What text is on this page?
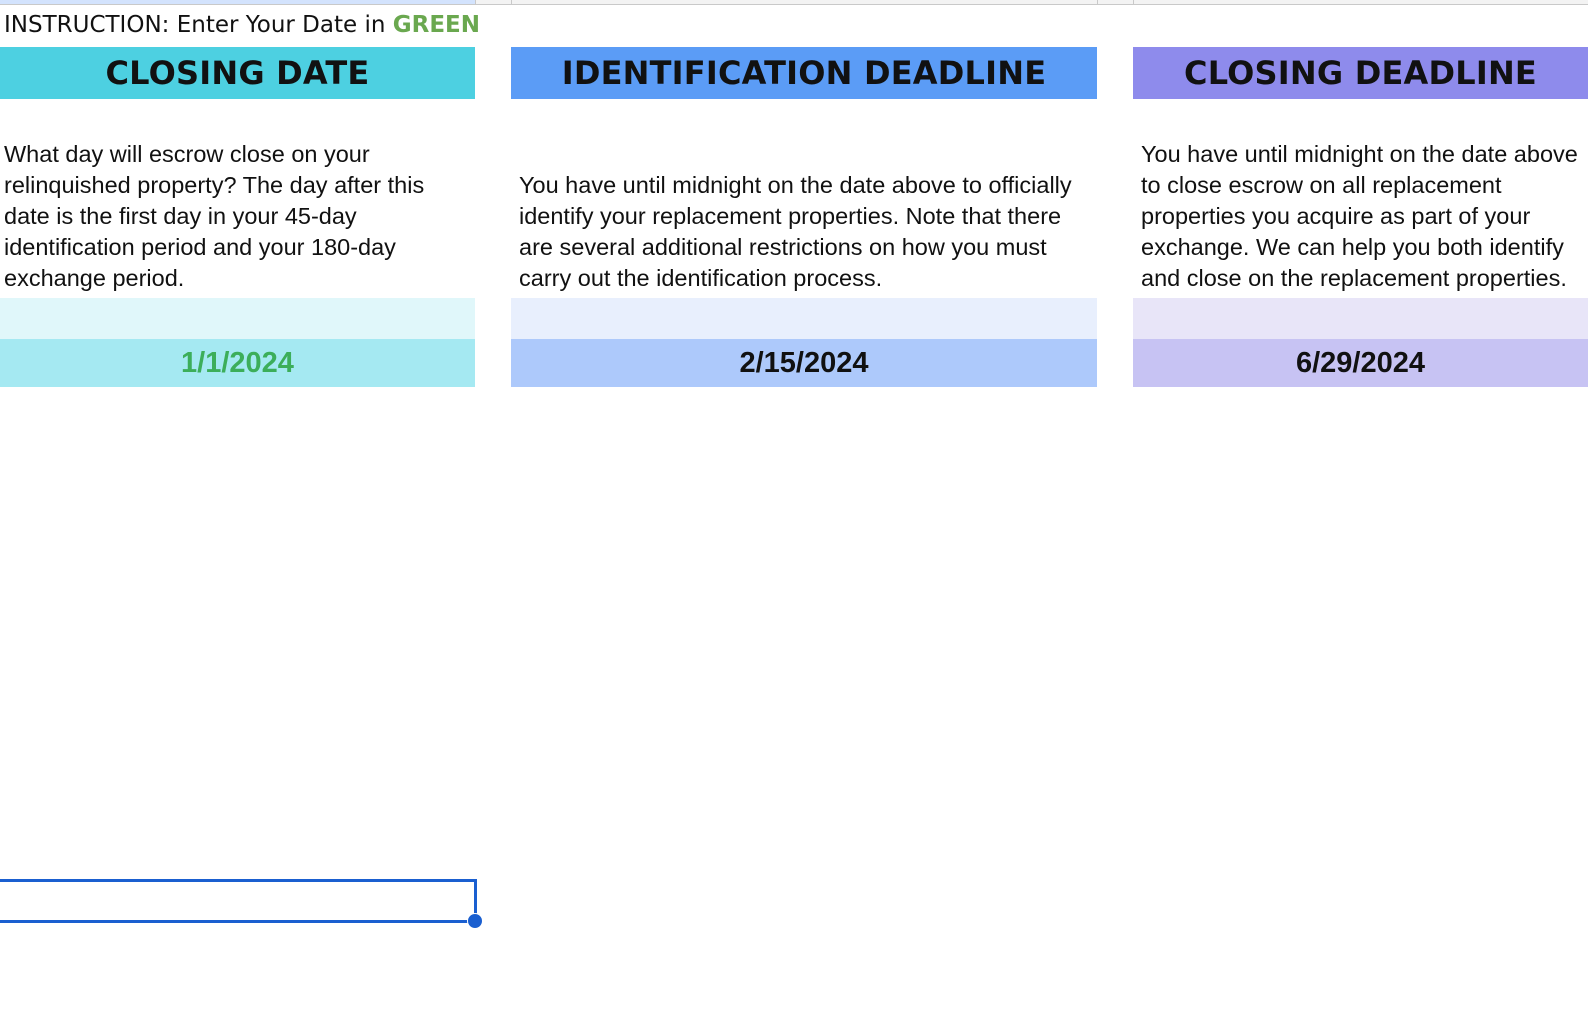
INSTRUCTION: Enter Your Date in GREEN
CLOSING DATE
What day will escrow close on your relinquished property? The day after this date is the first day in your 45-day identification period and your 180-day exchange period.
1/1/2024
IDENTIFICATION DEADLINE
You have until midnight on the date above to officially identify your replacement properties. Note that there are several additional restrictions on how you must carry out the identification process.
2/15/2024
CLOSING DEADLINE
You have until midnight on the date above to close escrow on all replacement properties you acquire as part of your exchange. We can help you both identify and close on the replacement properties.
6/29/2024
